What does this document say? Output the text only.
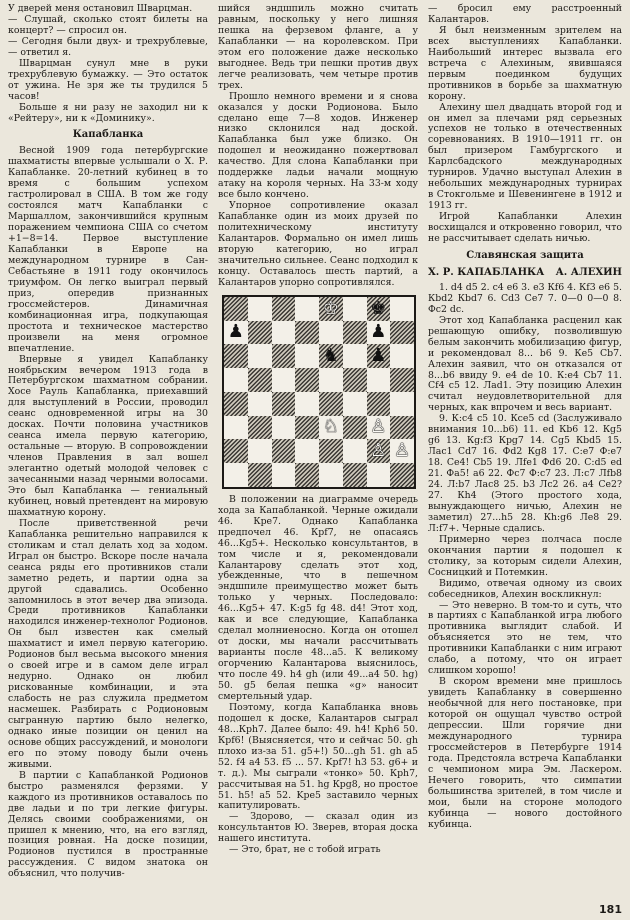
У дверей меня остановил Шварцман.

— Слушай, сколько стоят билеты на концерт? — спросил он.

— Сегодня были двух- и трехрублевые, — ответил я.

Шварцман сунул мне в руки трехрублевую бумажку. — Это остаток от ужина. Не зря же ты трудился 5 часов!

Больше я ни разу не заходил ни к «Рейтеру», ни к «Доминику».

Капабланка

Весной 1909 года петербургские шахматисты впервые услышали о Х. Р. Капабланке. 20-летний кубинец в то время с большим успехом гастролировал в США. В том же году состоялся матч Капабланки с Маршаллом, закончившийся крупным поражением чемпиона США со счетом +1−8=14. Первое выступление Капабланки в Европе на международном турнире в Сан-Себастьяне в 1911 году окончилось триумфом. Он легко выиграл первый приз, опередив признанных гроссмейстеров. Динамичная комбинационная игра, подкупающая простота и техническое мастерство произвели на меня огромное впечатление.

Впервые я увидел Капабланку ноябрьским вечером 1913 года в Петербургском шахматном собрании. Хосе Рауль Капабланка, приехавший для выступлений в России, проводил сеанс одновременной игры на 30 досках. Почти половина участников сеанса имела первую категорию, остальные — вторую. В сопровождении членов Правления в зал вошел элегантно одетый молодой человек с зачесанными назад черными волосами. Это был Капабланка — гениальный кубинец, новый претендент на мировую шахматную корону.

После приветственной речи Капабланка решительно направился к столикам и стал делать ход за ходом. Играл он быстро. Вскоре после начала сеанса ряды его противников стали заметно редеть, и партии одна за другой сдавались. Особенно запомнилось в этот вечер два эпизода. Среди противников Капабланки находился инженер-технолог Родионов. Он был известен как смелый шахматист и имел первую категорию. Родионов был весьма высокого мнения о своей игре и в самом деле играл недурно. Однако он любил рискованные комбинации, и эта слабость не раз служила предметом насмешек. Разбирать с Родионовым сыгранную партию было нелегко, однако иные позиции он ценил на основе общих рассуждений, и монологи его по этому поводу были очень живыми.

В партии с Капабланкой Родионов быстро разменялся ферзями. У каждого из противников оставалось по две ладьи и по три легкие фигуры. Делясь своими соображениями, он пришел к мнению, что, на его взгляд, позиция ровная. На доске позиции, Родионов пустился в пространные рассуждения. С видом знатока он объяснил, что получив-

шийся эндшпиль можно считать равным, поскольку у него лишняя пешка на ферзевом фланге, а у Капабланки — на королевском. При этом его положение даже несколько выгоднее. Ведь три пешки против двух легче реализовать, чем четыре против трех.

Прошло немного времени и я снова оказался у доски Родионова. Было сделано еще 7—8 ходов. Инженер низко склонился над доской. Капабланка был уже близко. Он подошел и неожиданно пожертвовал качество. Для слона Капабланки при поддержке ладьи начали мощную атаку на короля черных. На 33-м ходу все было кончено.

Упорное сопротивление оказал Капабланке один из моих друзей по политехническому институту Калантаров. Формально он имел лишь вторую категорию, но играл значительно сильнее. Сеанс подходил к концу. Оставалось шесть партий, а Калантаров упорно сопротивлялся.

♔ ♚
♟	♟
♞ ♟
♘ ♙
♙ ♙

В положении на диаграмме очередь хода за Капабланкой. Черные ожидали 46. Крe7. Однако Капабланка предпочел 46. Крf7, не опасаясь 46...Kg5+. Несколько консультантов, в том числе и я, рекомендовали Калантарову сделать этот ход, убежденные, что в пешечном эндшпиле преимущество может быть только у черных. Последовало: 46...Kg5+ 47. K:g5 fg 48. d4! Этот ход, как и все следующие, Капабланка сделал молниеносно. Когда он отошел от доски, мы начали рассчитывать варианты после 48...a5. К великому огорчению Калантарова выяснилось, что после 49. h4 gh (или 49...a4 50. hg) 50. g5 белая пешка «g» наносит смертельный удар.

Поэтому, когда Капабланка вновь подошел к доске, Калантаров сыграл 48...Крh7. Далее было: 49. h4! Крh6 50. Крf6! (Выясняется, что и сейчас 50. gh плохо из-за 51. g5+!) 50...gh 51. gh a5 52. f4 a4 53. f5 ... 57. Kрf7! h3 53. g6+ и т. д.). Мы сыграли «тонко» 50. Крh7, рассчитывая на 51. hg Крg8, но простое 51. h5! a5 52. Kре5 заставило черных капитулировать.

— Здорово, — сказал один из консультантов Ю. Зверев, вторая доска нашего института.

— Это, брат, не с тобой играть

— бросил ему расстроенный Калантаров.

Я был неизменным зрителем на всех выступлениях Капабланки. Наибольший интерес вызвала его встреча с Алехиным, явившаяся первым поединком будущих противников в борьбе за шахматную корону.

Алехину шел двадцать второй год и он имел за плечами ряд серьезных успехов не только в отечественных соревнованиях. В 1910—1911 гг. он был призером Гамбургского и Карлсбадского международных турниров. Удачно выступал Алехин в небольших международных турнирах в Стокгольме и Шевенингене в 1912 и 1913 гг.

Игрой Капабланки Алехин восхищался и откровенно говорил, что не рассчитывает сделать ничью.

Славянская защита

Х. Р. КАПАБЛАНКА А. АЛЕХИН

1. d4 d5 2. c4 e6 3. e3 Кf6 4. Кf3 e6 5. Кbd2 Кbd7 6. Cd3 Ce7 7. 0—0 0—0 8. Фc2 dc.

Этот ход Капабланка расценил как решающую ошибку, позволившую белым закончить мобилизацию фигур, и рекомендовал 8... b6 9. Кe5 Cb7. Алехин заявил, что он отказался от 8...b6 ввиду 9. e4 de 10. К:e4 Cb7 11. Cf4 c5 12. Лad1. Эту позицию Алехин считал неудовлетворительной для черных, как впрочем и весь вариант.

9. К:c4 c5 10. Кce5 cd (Заслуживало внимания 10...b6) 11. ed Кb6 12. Кg5 g6 13. Кg:f3 Кpg7 14. Cg5 Кbd5 15. Лac1 Cd7 16. Фd2 Кg8 17. C:e7 Ф:e7 18. Ce4! Cb5 19. Лfe1 Фd6 20. C:d5 ed 21. Фa5! a6 22. Фc7 Ф:c7 23. Л:c7 Лfb8 24. Л:b7 Лac8 25. b3 Лc2 26. a4 Ce2? 27. Кh4 (Этого простого хода, вынуждающего ничью, Алехин не заметил) 27...h5 28. Кh:g6 Лe8 29. Л:f7+. Черные сдались.

Примерно через полчаса после окончания партии я подошел к столику, за которым сидели Алехин, Сосницкий и Потемкин.

Видимо, отвечая одному из своих собеседников, Алехин воскликнул:

— Это неверно. В том-то и суть, что в партиях с Капабланкой игра любого противника выглядит слабой. И объясняется это не тем, что противники Капабланки с ним играют слабо, а потому, что он играет слишком хорошо!

В скором времени мне пришлось увидеть Капабланку в совершенно необычной для него постановке, при которой он ощущал чувство острой депрессии. Шли горячие дни международного турнира гроссмейстеров в Петербурге 1914 года. Предстояла встреча Капабланки с чемпионом мира Эм. Ласкером. Нечего говорить, что симпатии большинства зрителей, в том числе и мои, были на стороне молодого кубинца — нового достойного кубинца.

181
